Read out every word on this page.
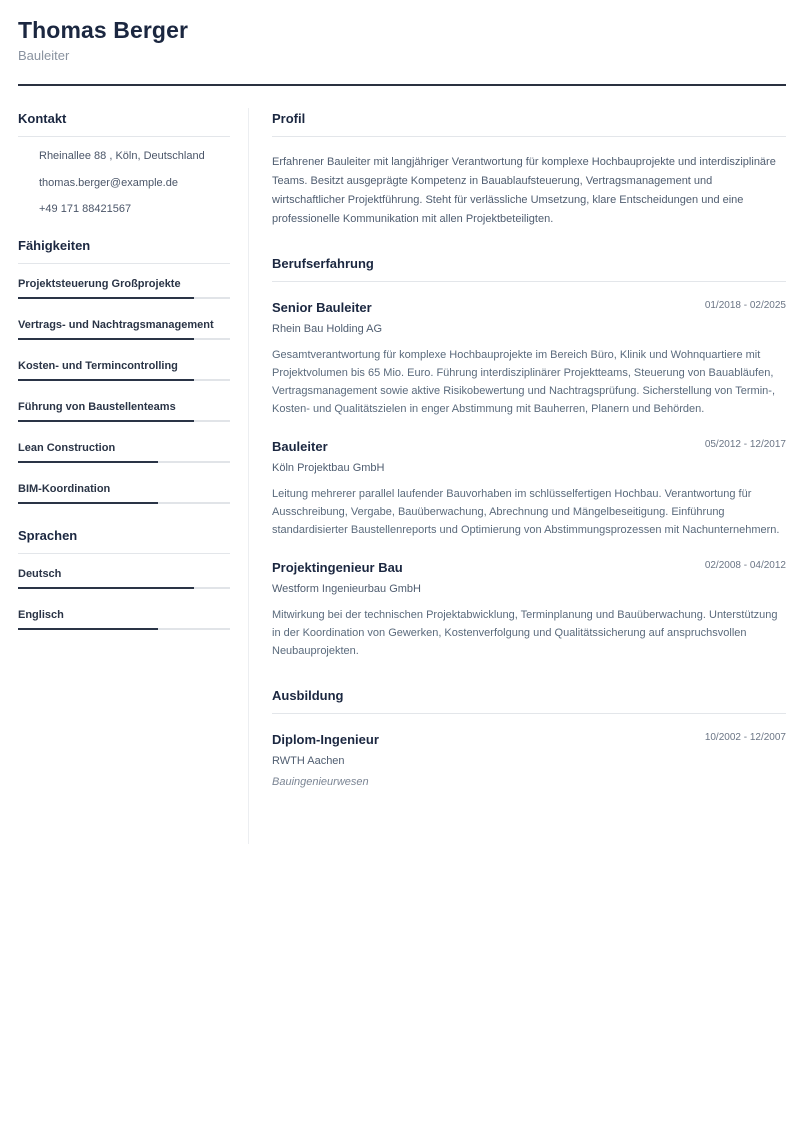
Thomas Berger
Bauleiter
Kontakt
Rheinallee 88 , Köln, Deutschland
thomas.berger@example.de
+49 171 88421567
Fähigkeiten
Projektsteuerung Großprojekte
Vertrags- und Nachtragsmanagement
Kosten- und Termincontrolling
Führung von Baustellenteams
Lean Construction
BIM-Koordination
Sprachen
Deutsch
Englisch
Profil

Erfahrener Bauleiter mit langjähriger Verantwortung für komplexe Hochbauprojekte und interdisziplinäre Teams. Besitzt ausgeprägte Kompetenz in Bauablaufsteuerung, Vertragsmanagement und wirtschaftlicher Projektführung. Steht für verlässliche Umsetzung, klare Entscheidungen und eine professionelle Kommunikation mit allen Projektbeteiligten.

Berufserfahrung
Senior Bauleiter	01/2018 - 02/2025
Rhein Bau Holding AG

Gesamtverantwortung für komplexe Hochbauprojekte im Bereich Büro, Klinik und Wohnquartiere mit Projektvolumen bis 65 Mio. Euro. Führung interdisziplinärer Projektteams, Steuerung von Bauabläufen, Vertragsmanagement sowie aktive Risikobewertung und Nachtragsprüfung. Sicherstellung von Termin-, Kosten- und Qualitätszielen in enger Abstimmung mit Bauherren, Planern und Behörden.

Bauleiter	05/2012 - 12/2017
Köln Projektbau GmbH

Leitung mehrerer parallel laufender Bauvorhaben im schlüsselfertigen Hochbau. Verantwortung für Ausschreibung, Vergabe, Bauüberwachung, Abrechnung und Mängelbeseitigung. Einführung standardisierter Baustellenreports und Optimierung von Abstimmungsprozessen mit Nachunternehmern.

Projektingenieur Bau	02/2008 - 04/2012
Westform Ingenieurbau GmbH

Mitwirkung bei der technischen Projektabwicklung, Terminplanung und Bauüberwachung. Unterstützung in der Koordination von Gewerken, Kostenverfolgung und Qualitätssicherung auf anspruchsvollen Neubauprojekten.

Ausbildung
Diplom-Ingenieur	10/2002 - 12/2007
RWTH Aachen
Bauingenieurwesen
